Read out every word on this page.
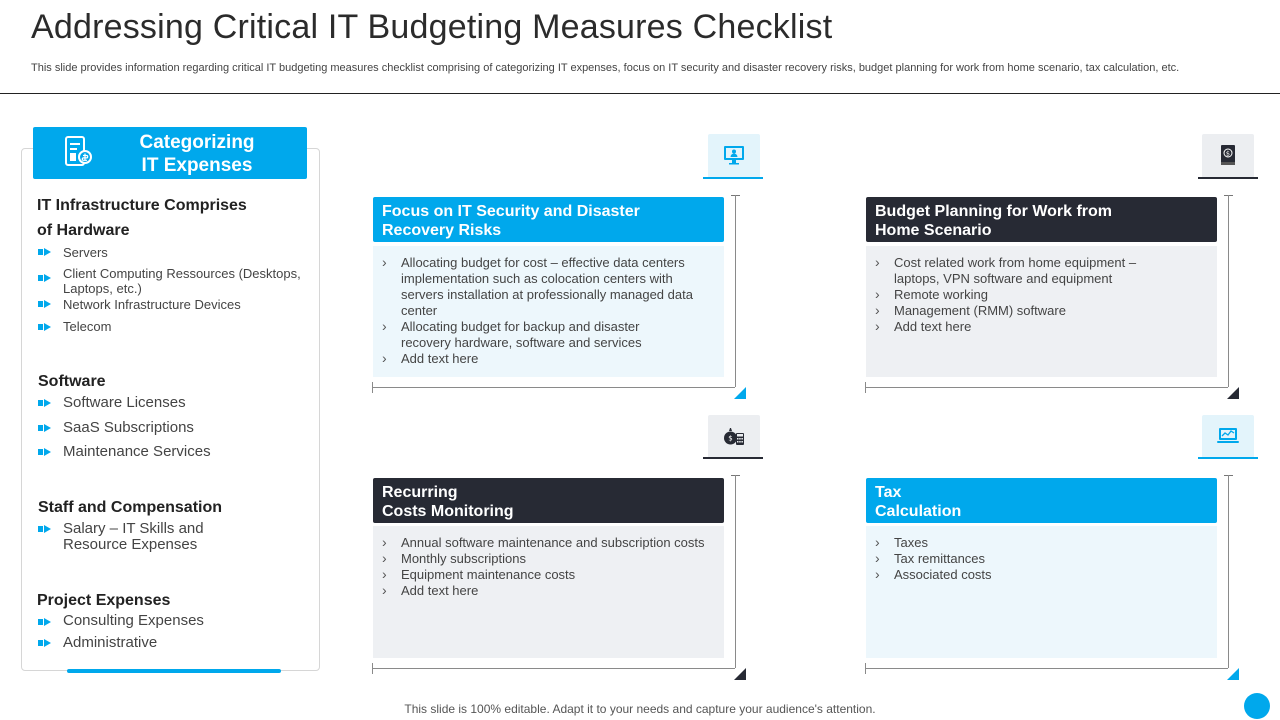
Addressing Critical IT Budgeting Measures Checklist
This slide provides information regarding critical IT budgeting measures checklist comprising of categorizing IT expenses, focus on IT security and disaster recovery risks, budget planning for work from home scenario, tax calculation, etc.
Categorizing
IT Expenses
IT Infrastructure Comprises
of Hardware
Servers
Client Computing Ressources (Desktops, Laptops, etc.)
Network Infrastructure Devices
Telecom
Software
Software Licenses
SaaS Subscriptions
Maintenance Services
Staff and Compensation
Salary – IT Skills and Resource Expenses
Project Expenses
Consulting Expenses
Administrative
Focus on IT Security and Disaster
Recovery Risks
› Allocating budget for cost – effective data centers implementation such as colocation centers with servers installation at professionally managed data center
› Allocating budget for backup and disaster recovery hardware, software and services
› Add text here
$
Budget Planning for Work from
Home Scenario
› Cost related work from home equipment – laptops, VPN software and equipment
› Remote working
› Management (RMM) software
› Add text here
$
Recurring
Costs Monitoring
› Annual software maintenance and subscription costs
› Monthly subscriptions
› Equipment maintenance costs
› Add text here
Tax
Calculation
› Taxes
› Tax remittances
› Associated costs
This slide is 100% editable. Adapt it to your needs and capture your audience's attention.
